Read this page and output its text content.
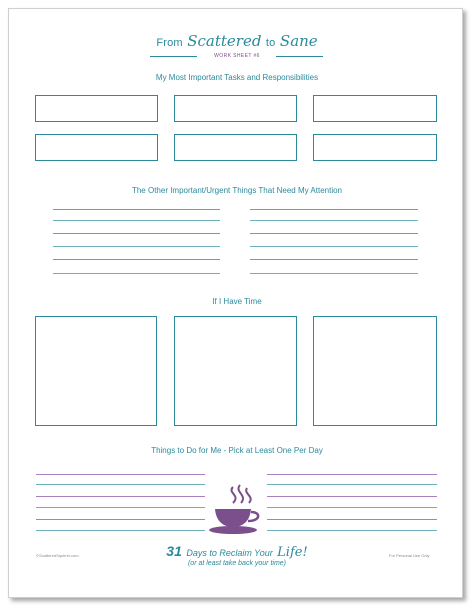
From Scattered to Sane
WORK SHEET #6
My Most Important Tasks and Responsibilities
The Other Important/Urgent Things That Need My Attention
If I Have Time
Things to Do for Me - Pick at Least One Per Day
31 Days to Reclaim Your Life!
(or at least take back your time)
©ScatteredSquirrel.com	For Personal Use Only
